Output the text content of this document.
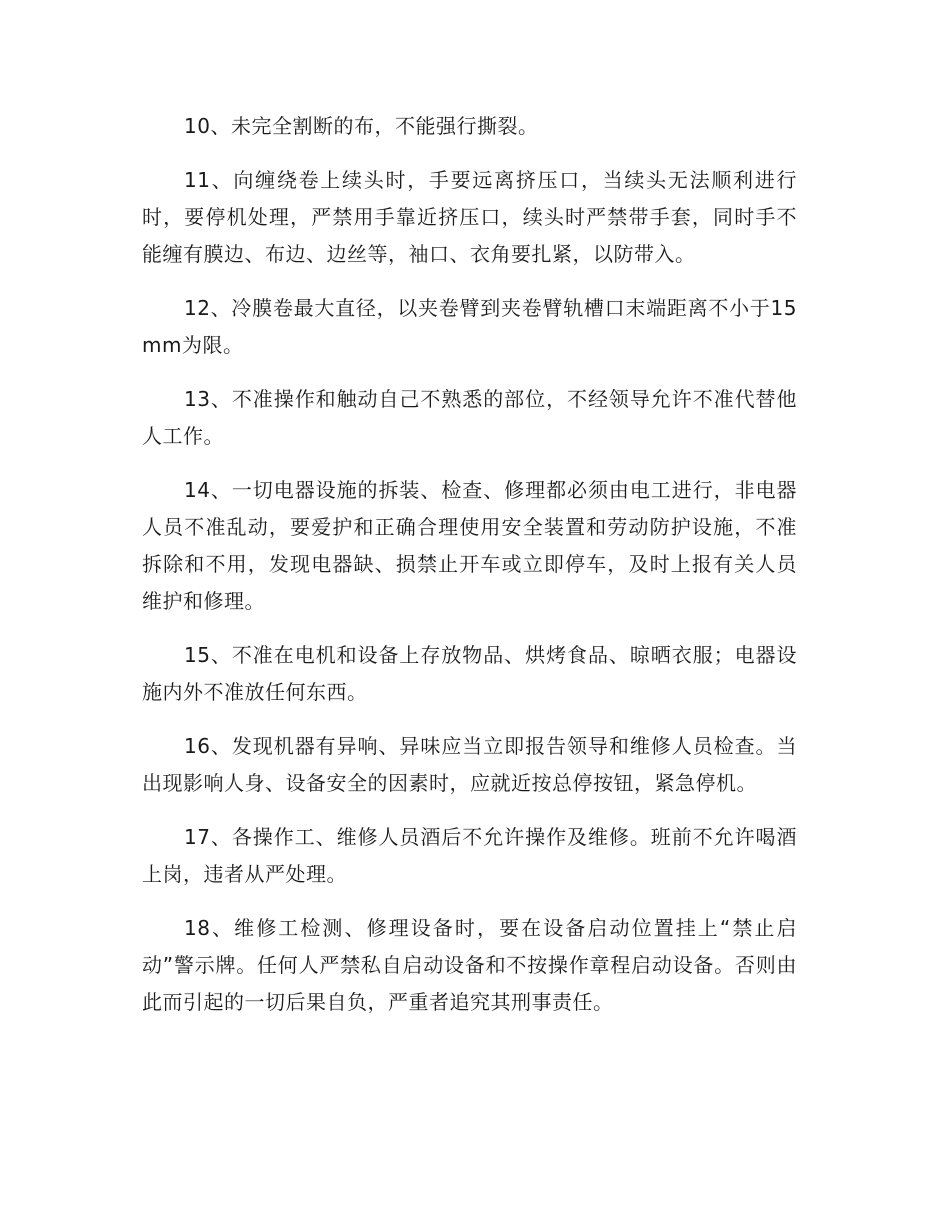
10、未完全割断的布，不能强行撕裂。

11、向缠绕卷上续头时，手要远离挤压口，当续头无法顺利进行时，要停机处理，严禁用手靠近挤压口，续头时严禁带手套，同时手不能缠有膜边、布边、边丝等，袖口、衣角要扎紧，以防带入。

12、冷膜卷最大直径，以夹卷臂到夹卷臂轨槽口末端距离不小于15mm为限。

13、不准操作和触动自己不熟悉的部位，不经领导允许不准代替他人工作。

14、一切电器设施的拆装、检查、修理都必须由电工进行，非电器人员不准乱动，要爱护和正确合理使用安全装置和劳动防护设施，不准拆除和不用，发现电器缺、损禁止开车或立即停车，及时上报有关人员维护和修理。

15、不准在电机和设备上存放物品、烘烤食品、晾晒衣服；电器设施内外不准放任何东西。

16、发现机器有异响、异味应当立即报告领导和维修人员检查。当出现影响人身、设备安全的因素时，应就近按总停按钮，紧急停机。

17、各操作工、维修人员酒后不允许操作及维修。班前不允许喝酒上岗，违者从严处理。

18、维修工检测、修理设备时，要在设备启动位置挂上“禁止启动”警示牌。任何人严禁私自启动设备和不按操作章程启动设备。否则由此而引起的一切后果自负，严重者追究其刑事责任。
